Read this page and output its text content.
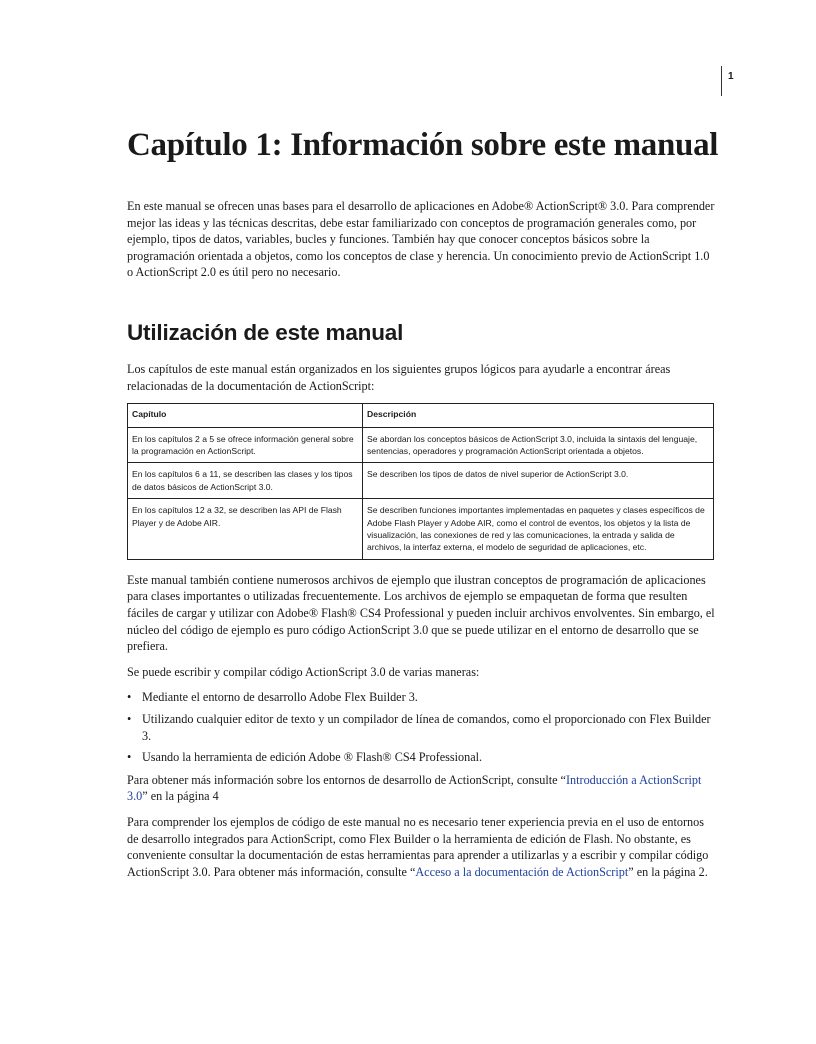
1
Capítulo 1: Información sobre este manual

En este manual se ofrecen unas bases para el desarrollo de aplicaciones en Adobe® ActionScript® 3.0. Para comprender mejor las ideas y las técnicas descritas, debe estar familiarizado con conceptos de programación generales como, por ejemplo, tipos de datos, variables, bucles y funciones. También hay que conocer conceptos básicos sobre la programación orientada a objetos, como los conceptos de clase y herencia. Un conocimiento previo de ActionScript 1.0 o ActionScript 2.0 es útil pero no necesario.

Utilización de este manual

Los capítulos de este manual están organizados en los siguientes grupos lógicos para ayudarle a encontrar áreas relacionadas de la documentación de ActionScript:

Capítulo	Descripción
En los capítulos 2 a 5 se ofrece información general sobre la programación en ActionScript.	Se abordan los conceptos básicos de ActionScript 3.0, incluida la sintaxis del lenguaje, sentencias, operadores y programación ActionScript orientada a objetos.
En los capítulos 6 a 11, se describen las clases y los tipos de datos básicos de ActionScript 3.0.	Se describen los tipos de datos de nivel superior de ActionScript 3.0.
En los capítulos 12 a 32, se describen las API de Flash Player y de Adobe AIR.	Se describen funciones importantes implementadas en paquetes y clases específicos de Adobe Flash Player y Adobe AIR, como el control de eventos, los objetos y la lista de visualización, las conexiones de red y las comunicaciones, la entrada y salida de archivos, la interfaz externa, el modelo de seguridad de aplicaciones, etc.

Este manual también contiene numerosos archivos de ejemplo que ilustran conceptos de programación de aplicaciones para clases importantes o utilizadas frecuentemente. Los archivos de ejemplo se empaquetan de forma que resulten fáciles de cargar y utilizar con Adobe® Flash® CS4 Professional y pueden incluir archivos envolventes. Sin embargo, el núcleo del código de ejemplo es puro código ActionScript 3.0 que se puede utilizar en el entorno de desarrollo que se prefiera.

Se puede escribir y compilar código ActionScript 3.0 de varias maneras:

• Mediante el entorno de desarrollo Adobe Flex Builder 3.
• Utilizando cualquier editor de texto y un compilador de línea de comandos, como el proporcionado con Flex Builder 3.
• Usando la herramienta de edición Adobe ® Flash® CS4 Professional.

Para obtener más información sobre los entornos de desarrollo de ActionScript, consulte “Introducción a ActionScript 3.0” en la página 4

Para comprender los ejemplos de código de este manual no es necesario tener experiencia previa en el uso de entornos de desarrollo integrados para ActionScript, como Flex Builder o la herramienta de edición de Flash. No obstante, es conveniente consultar la documentación de estas herramientas para aprender a utilizarlas y a escribir y compilar código ActionScript 3.0. Para obtener más información, consulte “Acceso a la documentación de ActionScript” en la página 2.
